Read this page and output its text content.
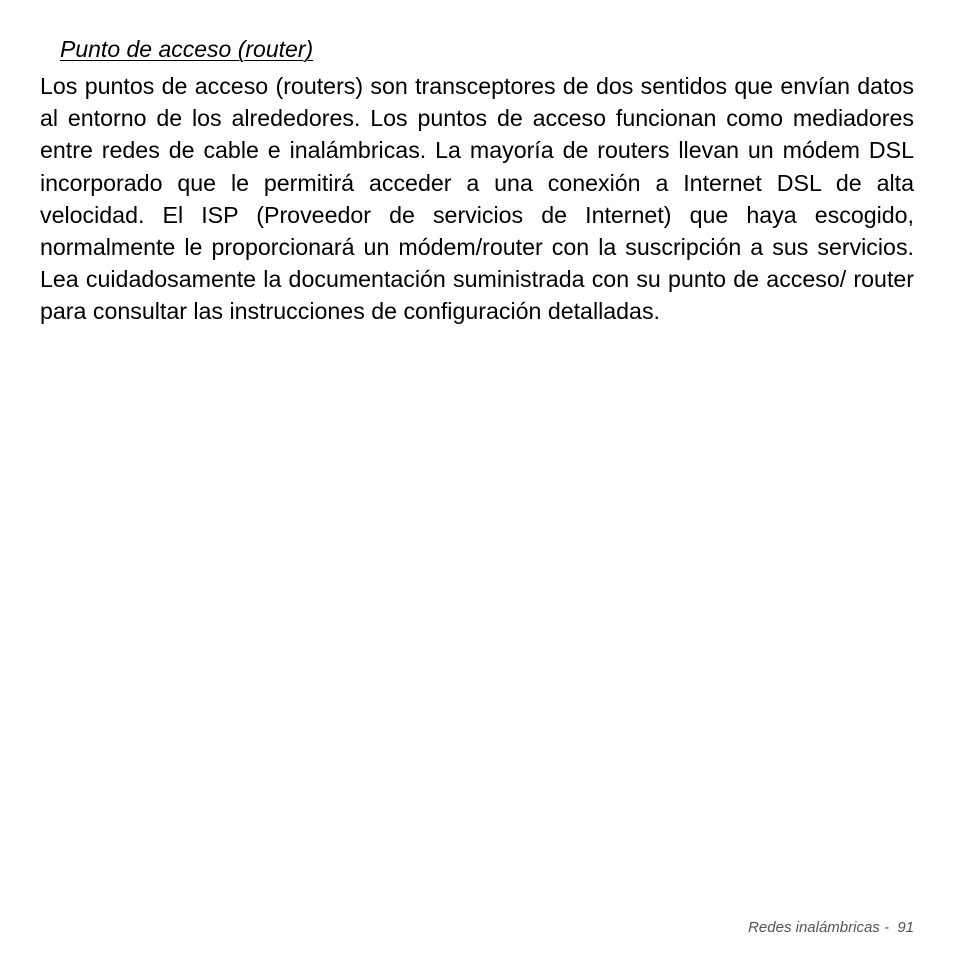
Punto de acceso (router)

Los puntos de acceso (routers) son transceptores de dos sentidos que envían datos al entorno de los alrededores. Los puntos de acceso funcionan como mediadores entre redes de cable e inalámbricas. La mayoría de routers llevan un módem DSL incorporado que le permitirá acceder a una conexión a Internet DSL de alta velocidad. El ISP (Proveedor de servicios de Internet) que haya escogido, normalmente le proporcionará un módem/router con la suscripción a sus servicios. Lea cuidadosamente la documentación suministrada con su punto de acceso/ router para consultar las instrucciones de configuración detalladas.

Redes inalámbricas - 91
